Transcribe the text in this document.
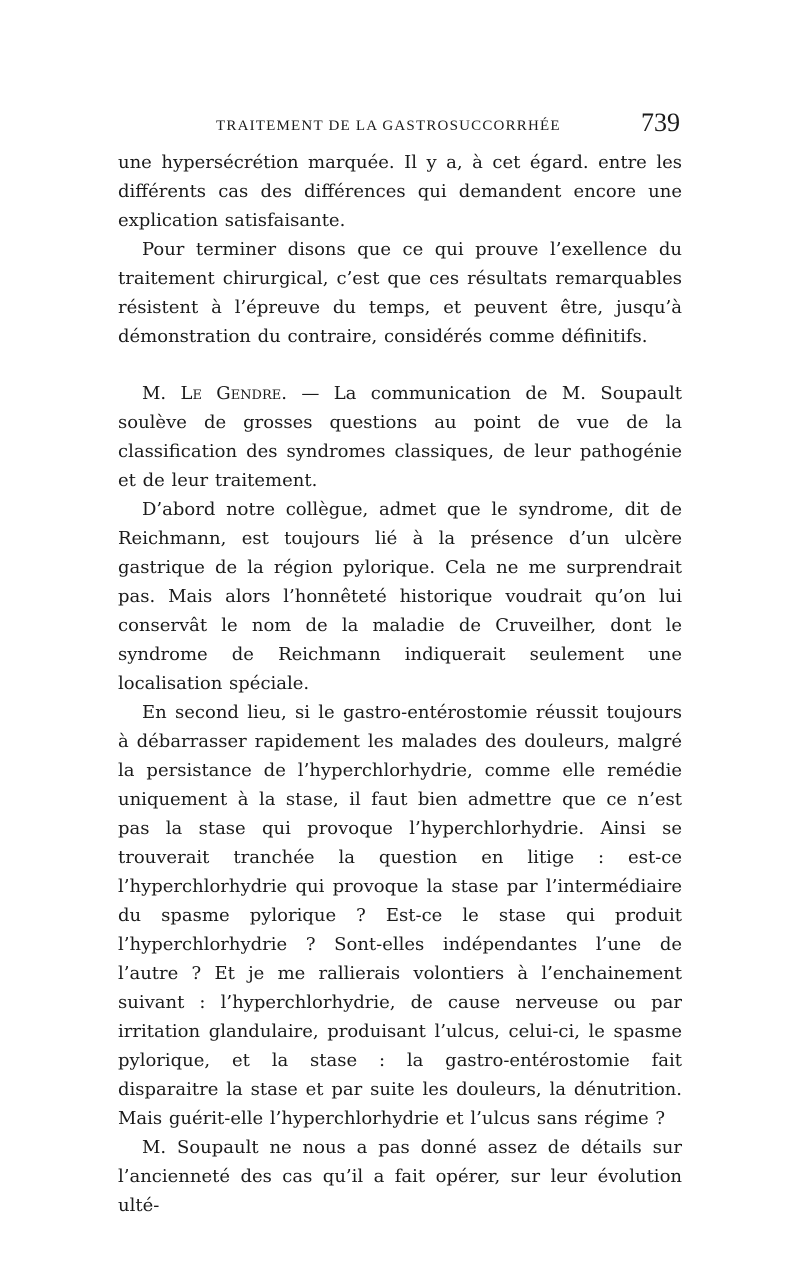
TRAITEMENT DE LA GASTROSUCCORRHÉE	739

une hypersécrétion marquée. Il y a, à cet égard. entre les différents cas des différences qui demandent encore une explication satisfaisante.

Pour terminer disons que ce qui prouve l’exellence du traitement chirurgical, c’est que ces résultats remarquables résistent à l’épreuve du temps, et peuvent être, jusqu’à démonstration du contraire, considérés comme définitifs.

M. Le Gendre. — La communication de M. Soupault soulève de grosses questions au point de vue de la classification des syndromes classiques, de leur pathogénie et de leur traitement.

D’abord notre collègue, admet que le syndrome, dit de Reichmann, est toujours lié à la présence d’un ulcère gastrique de la région pylorique. Cela ne me surprendrait pas. Mais alors l’honnêteté historique voudrait qu’on lui conservât le nom de la maladie de Cruveilher, dont le syndrome de Reichmann indiquerait seulement une localisation spéciale.

En second lieu, si le gastro-entérostomie réussit toujours à débarrasser rapidement les malades des douleurs, malgré la persistance de l’hyperchlorhydrie, comme elle remédie uniquement à la stase, il faut bien admettre que ce n’est pas la stase qui provoque l’hyperchlorhydrie. Ainsi se trouverait tranchée la question en litige : est-ce l’hyperchlorhydrie qui provoque la stase par l’intermédiaire du spasme pylorique ? Est-ce le stase qui produit l’hyperchlorhydrie ? Sont-elles indépendantes l’une de l’autre ? Et je me rallierais volontiers à l’enchainement suivant : l’hyperchlorhydrie, de cause nerveuse ou par irritation glandulaire, produisant l’ulcus, celui-ci, le spasme pylorique, et la stase : la gastro-entérostomie fait disparaitre la stase et par suite les douleurs, la dénutrition. Mais guérit-elle l’hyperchlorhydrie et l’ulcus sans régime ?

M. Soupault ne nous a pas donné assez de détails sur l’ancienneté des cas qu’il a fait opérer, sur leur évolution ulté-
